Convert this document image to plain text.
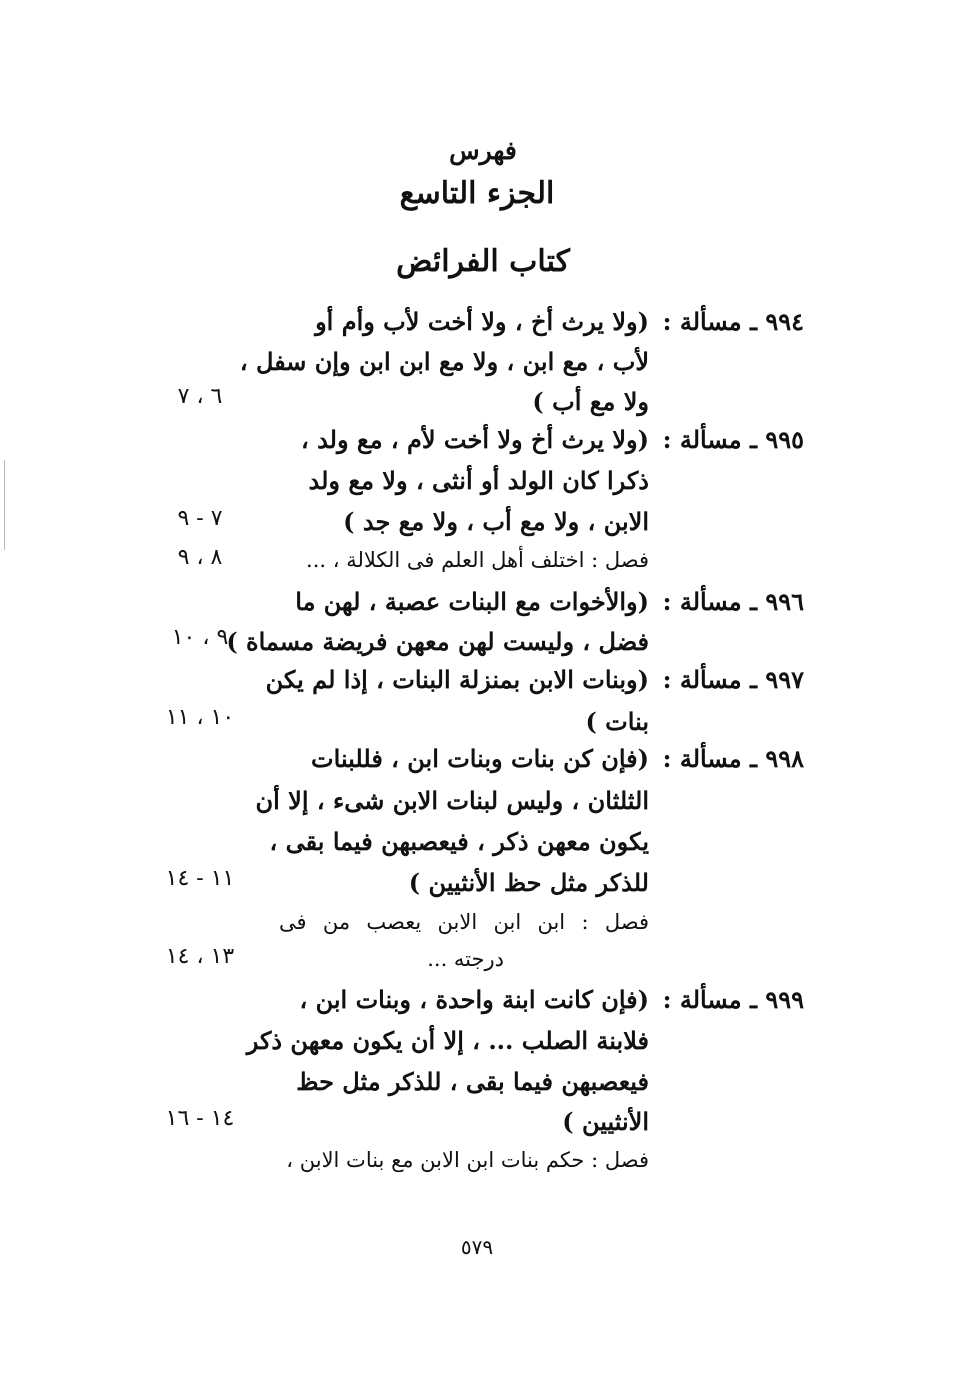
فهرس
الجزء التاسع
كتاب الفرائض
٩٩٤ ـ مسألة :
(ولا يرث أخ ، ولا أخت لأب وأم أو
لأب ، مع ابن ، ولا مع ابن ابن وإن سفل ،
ولا مع أب )
٦ ، ٧
٩٩٥ ـ مسألة :
(ولا يرث أخ ولا أخت لأم ، مع ولد ،
ذكرا كان الولد أو أنثى ، ولا مع ولد
الابن ، ولا مع أب ، ولا مع جد )
٧ - ٩
فصل : اختلف أهل العلم فى الكلالة ، ...
٨ ، ٩
٩٩٦ ـ مسألة :
(والأخوات مع البنات عصبة ، لهن ما
فضل ، وليست لهن معهن فريضة مسماة )
٩ ، ١٠
٩٩٧ ـ مسألة :
(وبنات الابن بمنزلة البنات ، إذا لم يكن
بنات )
١٠ ، ١١
٩٩٨ ـ مسألة :
(فإن كن بنات وبنات ابن ، فللبنات
الثلثان ، وليس لبنات الابن شىء ، إلا أن
يكون معهن ذكر ، فيعصبهن فيما بقى ،
للذكر مثل حظ الأنثيين )
١١ - ١٤
فصل : ابن ابن الابن يعصب من فى
درجته ...
١٣ ، ١٤
٩٩٩ ـ مسألة :
(فإن كانت ابنة واحدة ، وبنات ابن ،
فلابنة الصلب ... ، إلا أن يكون معهن ذكر
فيعصبهن فيما بقى ، للذكر مثل حظ
الأنثيين )
١٤ - ١٦
فصل : حكم بنات ابن الابن مع بنات الابن ،
٥٧٩
